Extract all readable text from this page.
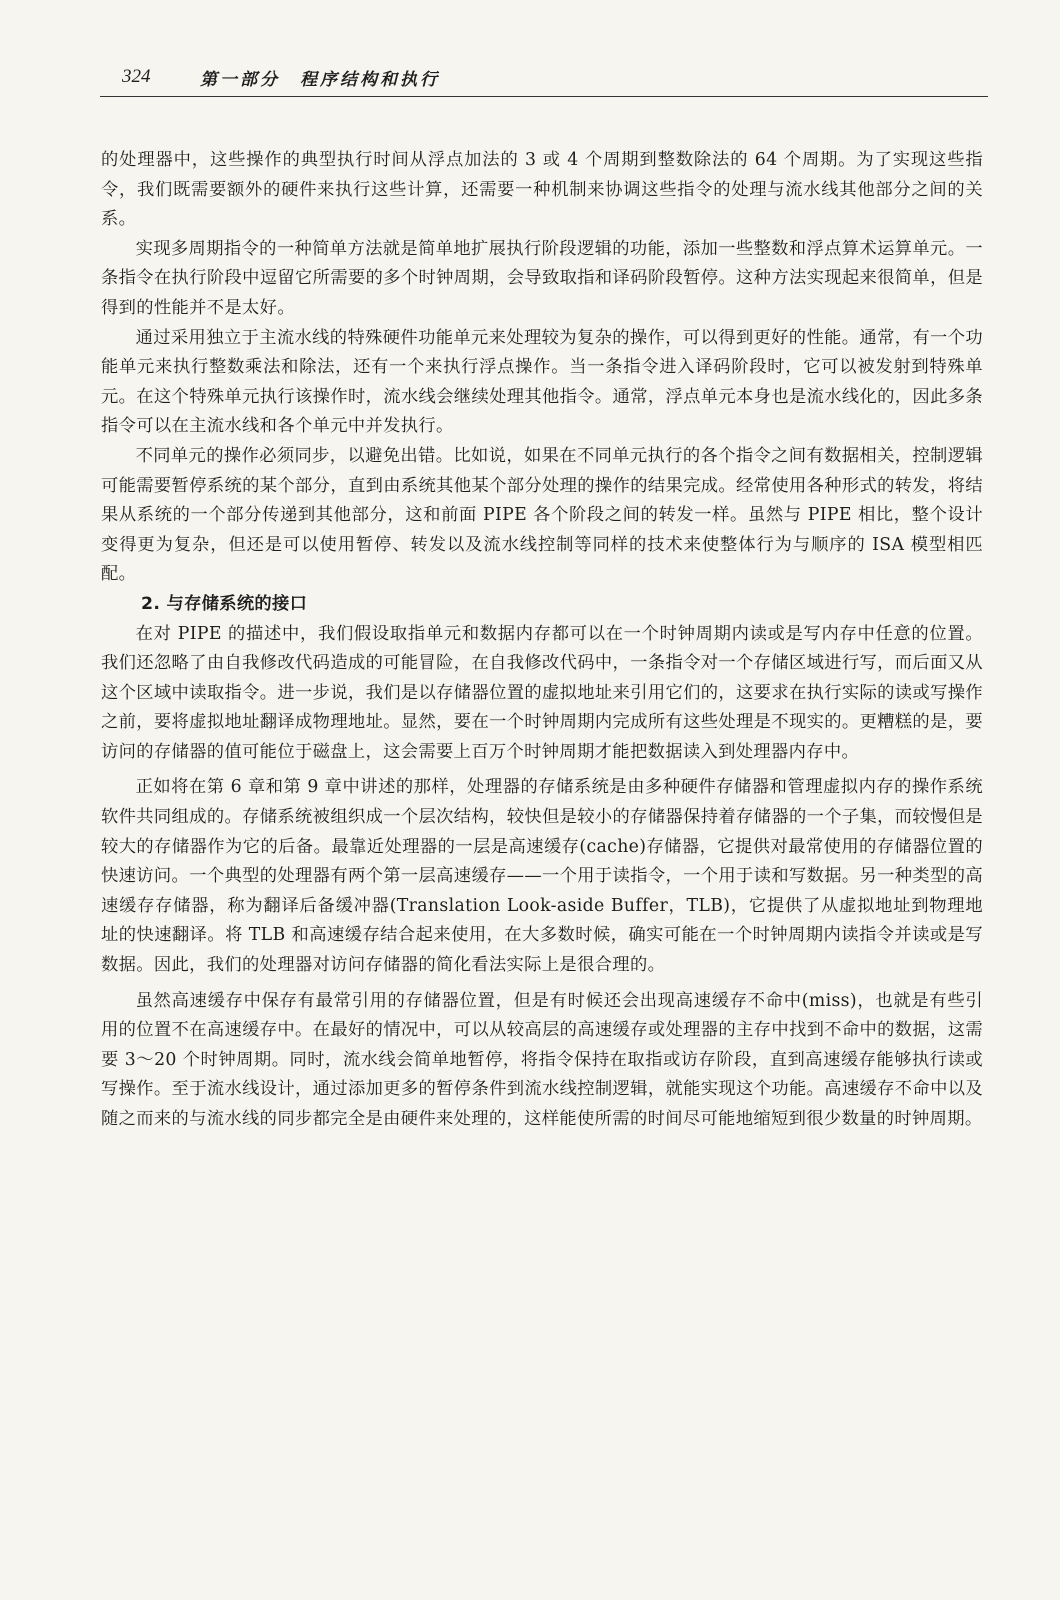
324	第一部分　程序结构和执行

的处理器中，这些操作的典型执行时间从浮点加法的 3 或 4 个周期到整数除法的 64 个周期。为了实现这些指令，我们既需要额外的硬件来执行这些计算，还需要一种机制来协调这些指令的处理与流水线其他部分之间的关系。

实现多周期指令的一种简单方法就是简单地扩展执行阶段逻辑的功能，添加一些整数和浮点算术运算单元。一条指令在执行阶段中逗留它所需要的多个时钟周期，会导致取指和译码阶段暂停。这种方法实现起来很简单，但是得到的性能并不是太好。

通过采用独立于主流水线的特殊硬件功能单元来处理较为复杂的操作，可以得到更好的性能。通常，有一个功能单元来执行整数乘法和除法，还有一个来执行浮点操作。当一条指令进入译码阶段时，它可以被发射到特殊单元。在这个特殊单元执行该操作时，流水线会继续处理其他指令。通常，浮点单元本身也是流水线化的，因此多条指令可以在主流水线和各个单元中并发执行。

不同单元的操作必须同步，以避免出错。比如说，如果在不同单元执行的各个指令之间有数据相关，控制逻辑可能需要暂停系统的某个部分，直到由系统其他某个部分处理的操作的结果完成。经常使用各种形式的转发，将结果从系统的一个部分传递到其他部分，这和前面 PIPE 各个阶段之间的转发一样。虽然与 PIPE 相比，整个设计变得更为复杂，但还是可以使用暂停、转发以及流水线控制等同样的技术来使整体行为与顺序的 ISA 模型相匹配。

2. 与存储系统的接口

在对 PIPE 的描述中，我们假设取指单元和数据内存都可以在一个时钟周期内读或是写内存中任意的位置。我们还忽略了由自我修改代码造成的可能冒险，在自我修改代码中，一条指令对一个存储区域进行写，而后面又从这个区域中读取指令。进一步说，我们是以存储器位置的虚拟地址来引用它们的，这要求在执行实际的读或写操作之前，要将虚拟地址翻译成物理地址。显然，要在一个时钟周期内完成所有这些处理是不现实的。更糟糕的是，要访问的存储器的值可能位于磁盘上，这会需要上百万个时钟周期才能把数据读入到处理器内存中。

正如将在第 6 章和第 9 章中讲述的那样，处理器的存储系统是由多种硬件存储器和管理虚拟内存的操作系统软件共同组成的。存储系统被组织成一个层次结构，较快但是较小的存储器保持着存储器的一个子集，而较慢但是较大的存储器作为它的后备。最靠近处理器的一层是高速缓存(cache)存储器，它提供对最常使用的存储器位置的快速访问。一个典型的处理器有两个第一层高速缓存——一个用于读指令，一个用于读和写数据。另一种类型的高速缓存存储器，称为翻译后备缓冲器(Translation Look-aside Buffer，TLB)，它提供了从虚拟地址到物理地址的快速翻译。将 TLB 和高速缓存结合起来使用，在大多数时候，确实可能在一个时钟周期内读指令并读或是写数据。因此，我们的处理器对访问存储器的简化看法实际上是很合理的。

虽然高速缓存中保存有最常引用的存储器位置，但是有时候还会出现高速缓存不命中(miss)，也就是有些引用的位置不在高速缓存中。在最好的情况中，可以从较高层的高速缓存或处理器的主存中找到不命中的数据，这需要 3～20 个时钟周期。同时，流水线会简单地暂停，将指令保持在取指或访存阶段，直到高速缓存能够执行读或写操作。至于流水线设计，通过添加更多的暂停条件到流水线控制逻辑，就能实现这个功能。高速缓存不命中以及随之而来的与流水线的同步都完全是由硬件来处理的，这样能使所需的时间尽可能地缩短到很少数量的时钟周期。
